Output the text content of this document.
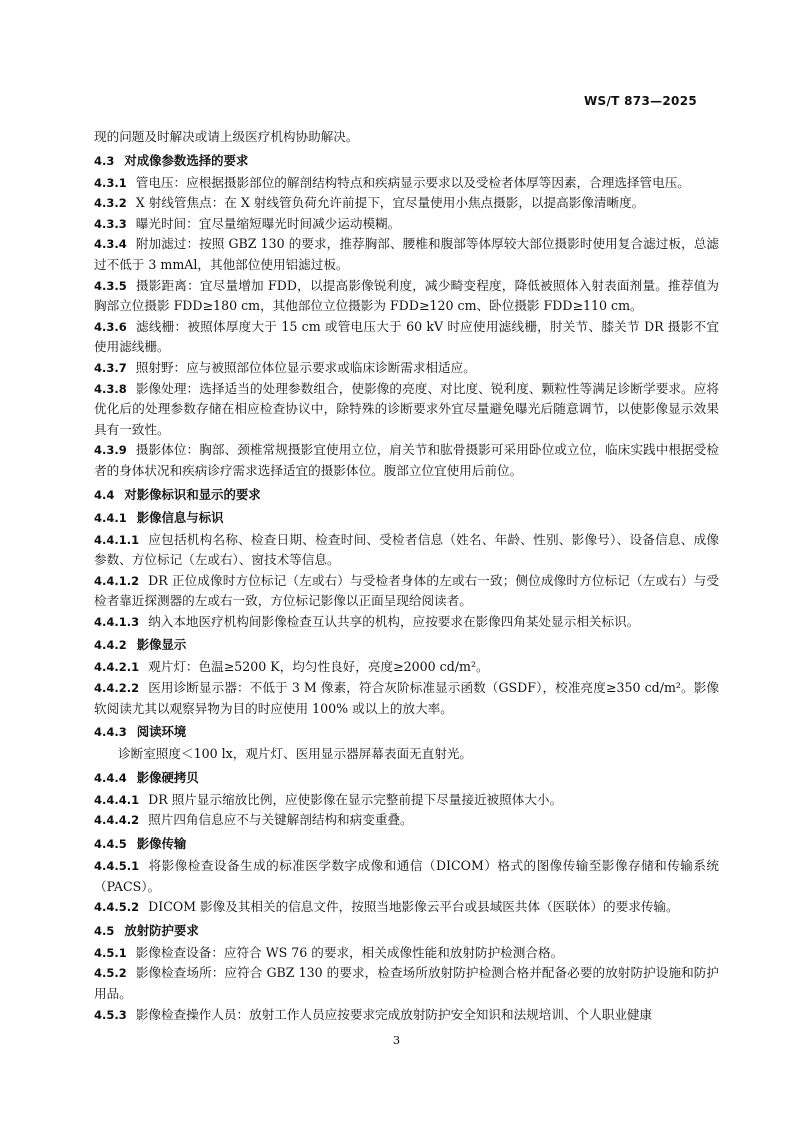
WS/T 873—2025
现的问题及时解决或请上级医疗机构协助解决。
4.3 对成像参数选择的要求
4.3.1 管电压：应根据摄影部位的解剖结构特点和疾病显示要求以及受检者体厚等因素，合理选择管电压。
4.3.2 X 射线管焦点：在 X 射线管负荷允许前提下，宜尽量使用小焦点摄影，以提高影像清晰度。
4.3.3 曝光时间：宜尽量缩短曝光时间减少运动模糊。
4.3.4 附加滤过：按照 GBZ 130 的要求，推荐胸部、腰椎和腹部等体厚较大部位摄影时使用复合滤过板，总滤过不低于 3 mmAl，其他部位使用铝滤过板。
4.3.5 摄影距离：宜尽量增加 FDD，以提高影像锐利度，减少畸变程度，降低被照体入射表面剂量。推荐值为胸部立位摄影 FDD≥180 cm，其他部位立位摄影为 FDD≥120 cm、卧位摄影 FDD≥110 cm。
4.3.6 滤线栅：被照体厚度大于 15 cm 或管电压大于 60 kV 时应使用滤线栅，肘关节、膝关节 DR 摄影不宜使用滤线栅。
4.3.7 照射野：应与被照部位体位显示要求或临床诊断需求相适应。
4.3.8 影像处理：选择适当的处理参数组合，使影像的亮度、对比度、锐利度、颗粒性等满足诊断学要求。应将优化后的处理参数存储在相应检查协议中，除特殊的诊断要求外宜尽量避免曝光后随意调节，以使影像显示效果具有一致性。
4.3.9 摄影体位：胸部、颈椎常规摄影宜使用立位，肩关节和肱骨摄影可采用卧位或立位，临床实践中根据受检者的身体状况和疾病诊疗需求选择适宜的摄影体位。腹部立位宜使用后前位。
4.4 对影像标识和显示的要求
4.4.1 影像信息与标识
4.4.1.1 应包括机构名称、检查日期、检查时间、受检者信息（姓名、年龄、性别、影像号）、设备信息、成像参数、方位标记（左或右）、窗技术等信息。
4.4.1.2 DR 正位成像时方位标记（左或右）与受检者身体的左或右一致；侧位成像时方位标记（左或右）与受检者靠近探测器的左或右一致，方位标记影像以正面呈现给阅读者。
4.4.1.3 纳入本地医疗机构间影像检查互认共享的机构，应按要求在影像四角某处显示相关标识。
4.4.2 影像显示
4.4.2.1 观片灯：色温≥5200 K，均匀性良好，亮度≥2000 cd/m²。
4.4.2.2 医用诊断显示器：不低于 3 M 像素，符合灰阶标准显示函数（GSDF），校准亮度≥350 cd/m²。影像软阅读尤其以观察异物为目的时应使用 100% 或以上的放大率。
4.4.3 阅读环境
诊断室照度＜100 lx，观片灯、医用显示器屏幕表面无直射光。
4.4.4 影像硬拷贝
4.4.4.1 DR 照片显示缩放比例，应使影像在显示完整前提下尽量接近被照体大小。
4.4.4.2 照片四角信息应不与关键解剖结构和病变重叠。
4.4.5 影像传输
4.4.5.1 将影像检查设备生成的标准医学数字成像和通信（DICOM）格式的图像传输至影像存储和传输系统（PACS）。
4.4.5.2 DICOM 影像及其相关的信息文件，按照当地影像云平台或县域医共体（医联体）的要求传输。
4.5 放射防护要求
4.5.1 影像检查设备：应符合 WS 76 的要求，相关成像性能和放射防护检测合格。
4.5.2 影像检查场所：应符合 GBZ 130 的要求，检查场所放射防护检测合格并配备必要的放射防护设施和防护用品。
4.5.3 影像检查操作人员：放射工作人员应按要求完成放射防护安全知识和法规培训、个人职业健康
3
